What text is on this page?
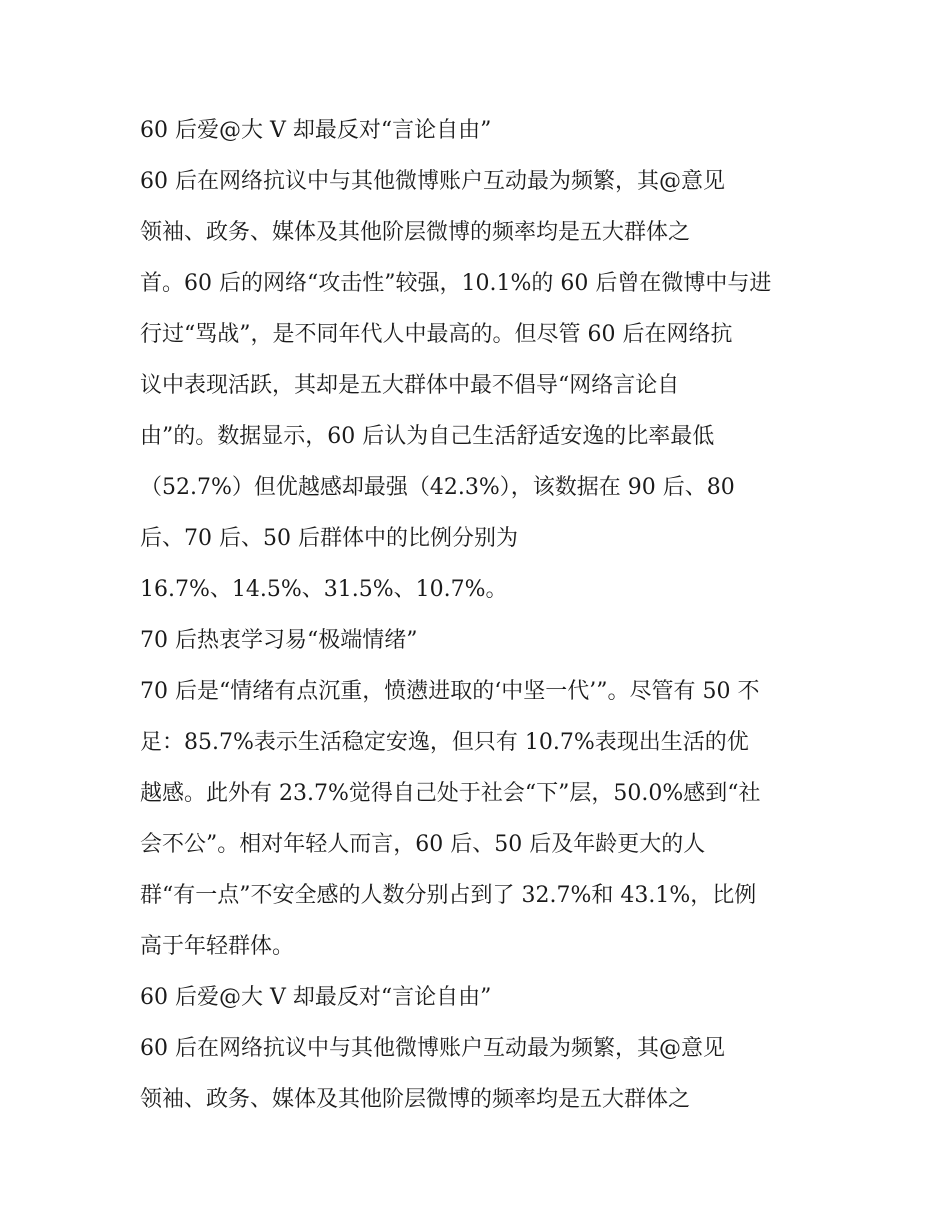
60 后爱@大 V 却最反对“言论自由”
60 后在网络抗议中与其他微博账户互动最为频繁，其@意见
领袖、政务、媒体及其他阶层微博的频率均是五大群体之
首。60 后的网络“攻击性”较强，10.1%的 60 后曾在微博中与进
行过“骂战”，是不同年代人中最高的。但尽管 60 后在网络抗
议中表现活跃，其却是五大群体中最不倡导“网络言论自
由”的。数据显示，60 后认为自己生活舒适安逸的比率最低
（52.7%）但优越感却最强（42.3%），该数据在 90 后、80
后、70 后、50 后群体中的比例分别为
16.7%、14.5%、31.5%、10.7%。
70 后热衷学习易“极端情绪”
70 后是“情绪有点沉重，愤懑进取的‘中坚一代’”。尽管有 50 不
足：85.7%表示生活稳定安逸，但只有 10.7%表现出生活的优
越感。此外有 23.7%觉得自己处于社会“下”层，50.0%感到“社
会不公”。相对年轻人而言，60 后、50 后及年龄更大的人
群“有一点”不安全感的人数分别占到了 32.7%和 43.1%，比例
高于年轻群体。
60 后爱@大 V 却最反对“言论自由”
60 后在网络抗议中与其他微博账户互动最为频繁，其@意见
领袖、政务、媒体及其他阶层微博的频率均是五大群体之
